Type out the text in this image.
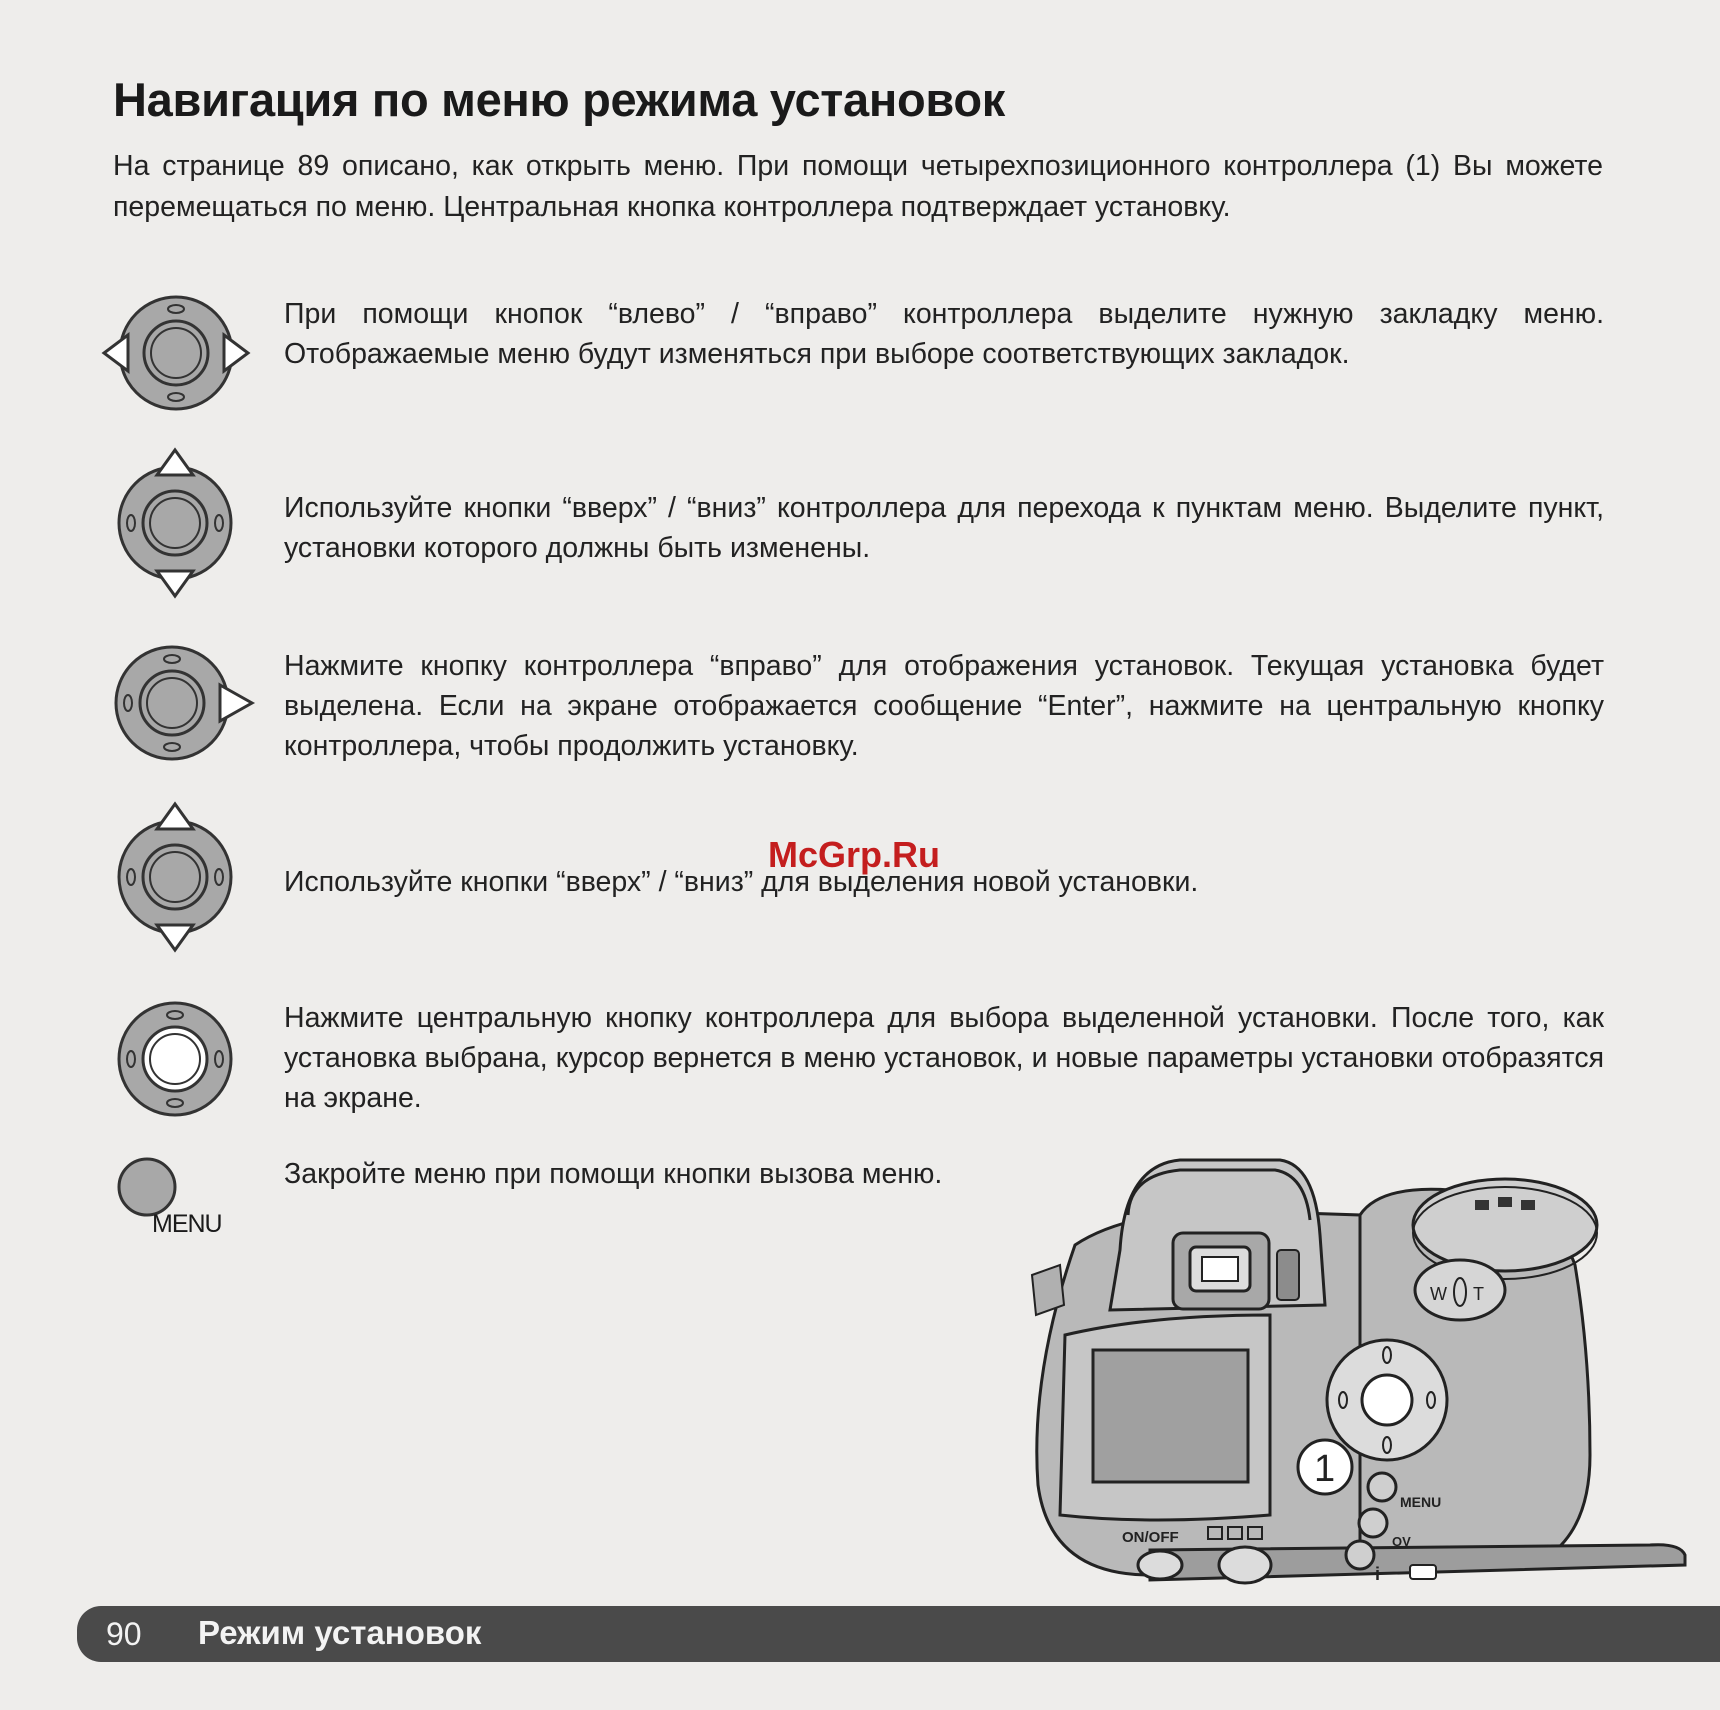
Навигация по меню режима установок

На странице 89 описано, как открыть меню. При помощи четырехпозиционного контроллера (1) Вы можете перемещаться по меню. Центральная кнопка контроллера подтверждает установку.

При помощи кнопок “влево” / “вправо” контроллера выделите нужную закладку меню. Отображаемые меню будут изменяться при выборе соответствующих закладок.

Используйте кнопки “вверх” / “вниз” контроллера для перехода к пунктам меню. Выделите пункт, установки которого должны быть изменены.

Нажмите кнопку контроллера “вправо” для отображения установок. Текущая установка будет выделена. Если на экране отображается сообщение “Enter”, нажмите на центральную кнопку контроллера, чтобы продолжить установку.

Используйте кнопки “вверх” / “вниз” для выделения новой установки.

Нажмите центральную кнопку контроллера для выбора выделенной установки. После того, как установка выбрана, курсор вернется в меню установок, и новые параметры установки отобразятся на экране.

MENU

Закройте меню при помощи кнопки вызова меню.

McGrp.Ru
W T
1
MENU
QV
i
ON/OFF
90 Режим установок
